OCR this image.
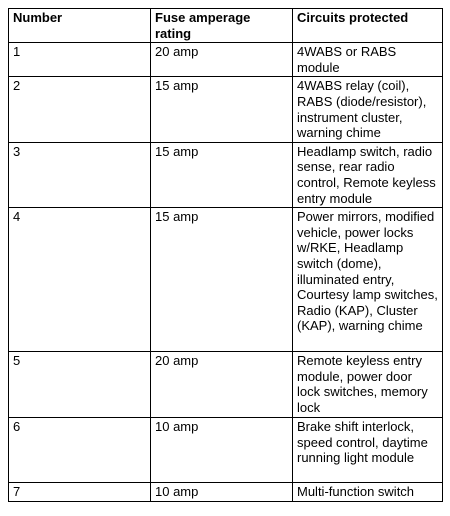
Number	Fuse amperage rating	Circuits protected
1	20 amp	4WABS or RABS module
2	15 amp	4WABS relay (coil), RABS (diode/resistor), instrument cluster, warning chime
3	15 amp	Headlamp switch, radio sense, rear radio control, Remote keyless entry module
4	15 amp	Power mirrors, modified vehicle, power locks w/RKE, Headlamp switch (dome), illuminated entry, Courtesy lamp switches, Radio (KAP), Cluster (KAP), warning chime
5	20 amp	Remote keyless entry module, power door lock switches, memory lock
6	10 amp	Brake shift interlock, speed control, daytime running light module
7	10 amp	Multi-function switch
